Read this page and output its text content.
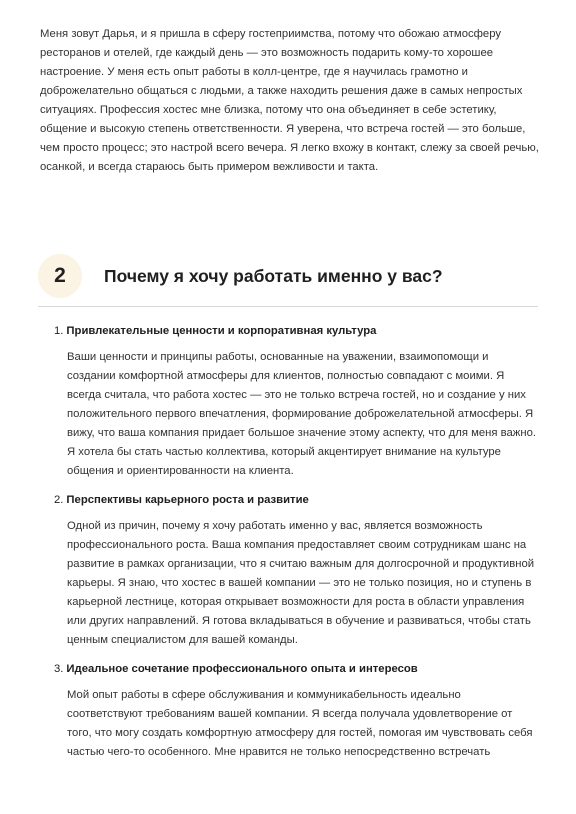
Меня зовут Дарья, и я пришла в сферу гостеприимства, потому что обожаю атмосферу ресторанов и отелей, где каждый день — это возможность подарить кому-то хорошее настроение. У меня есть опыт работы в колл-центре, где я научилась грамотно и доброжелательно общаться с людьми, а также находить решения даже в самых непростых ситуациях. Профессия хостес мне близка, потому что она объединяет в себе эстетику, общение и высокую степень ответственности. Я уверена, что встреча гостей — это больше, чем просто процесс; это настрой всего вечера. Я легко вхожу в контакт, слежу за своей речью, осанкой, и всегда стараюсь быть примером вежливости и такта.

2	Почему я хочу работать именно у вас?

1. Привлекательные ценности и корпоративная культура

Ваши ценности и принципы работы, основанные на уважении, взаимопомощи и создании комфортной атмосферы для клиентов, полностью совпадают с моими. Я всегда считала, что работа хостес — это не только встреча гостей, но и создание у них положительного первого впечатления, формирование доброжелательной атмосферы. Я вижу, что ваша компания придает большое значение этому аспекту, что для меня важно. Я хотела бы стать частью коллектива, который акцентирует внимание на культуре общения и ориентированности на клиента.

2. Перспективы карьерного роста и развитие

Одной из причин, почему я хочу работать именно у вас, является возможность профессионального роста. Ваша компания предоставляет своим сотрудникам шанс на развитие в рамках организации, что я считаю важным для долгосрочной и продуктивной карьеры. Я знаю, что хостес в вашей компании — это не только позиция, но и ступень в карьерной лестнице, которая открывает возможности для роста в области управления или других направлений. Я готова вкладываться в обучение и развиваться, чтобы стать ценным специалистом для вашей команды.

3. Идеальное сочетание профессионального опыта и интересов

Мой опыт работы в сфере обслуживания и коммуникабельность идеально соответствуют требованиям вашей компании. Я всегда получала удовлетворение от того, что могу создать комфортную атмосферу для гостей, помогая им чувствовать себя частью чего-то особенного. Мне нравится не только непосредственно встречать
